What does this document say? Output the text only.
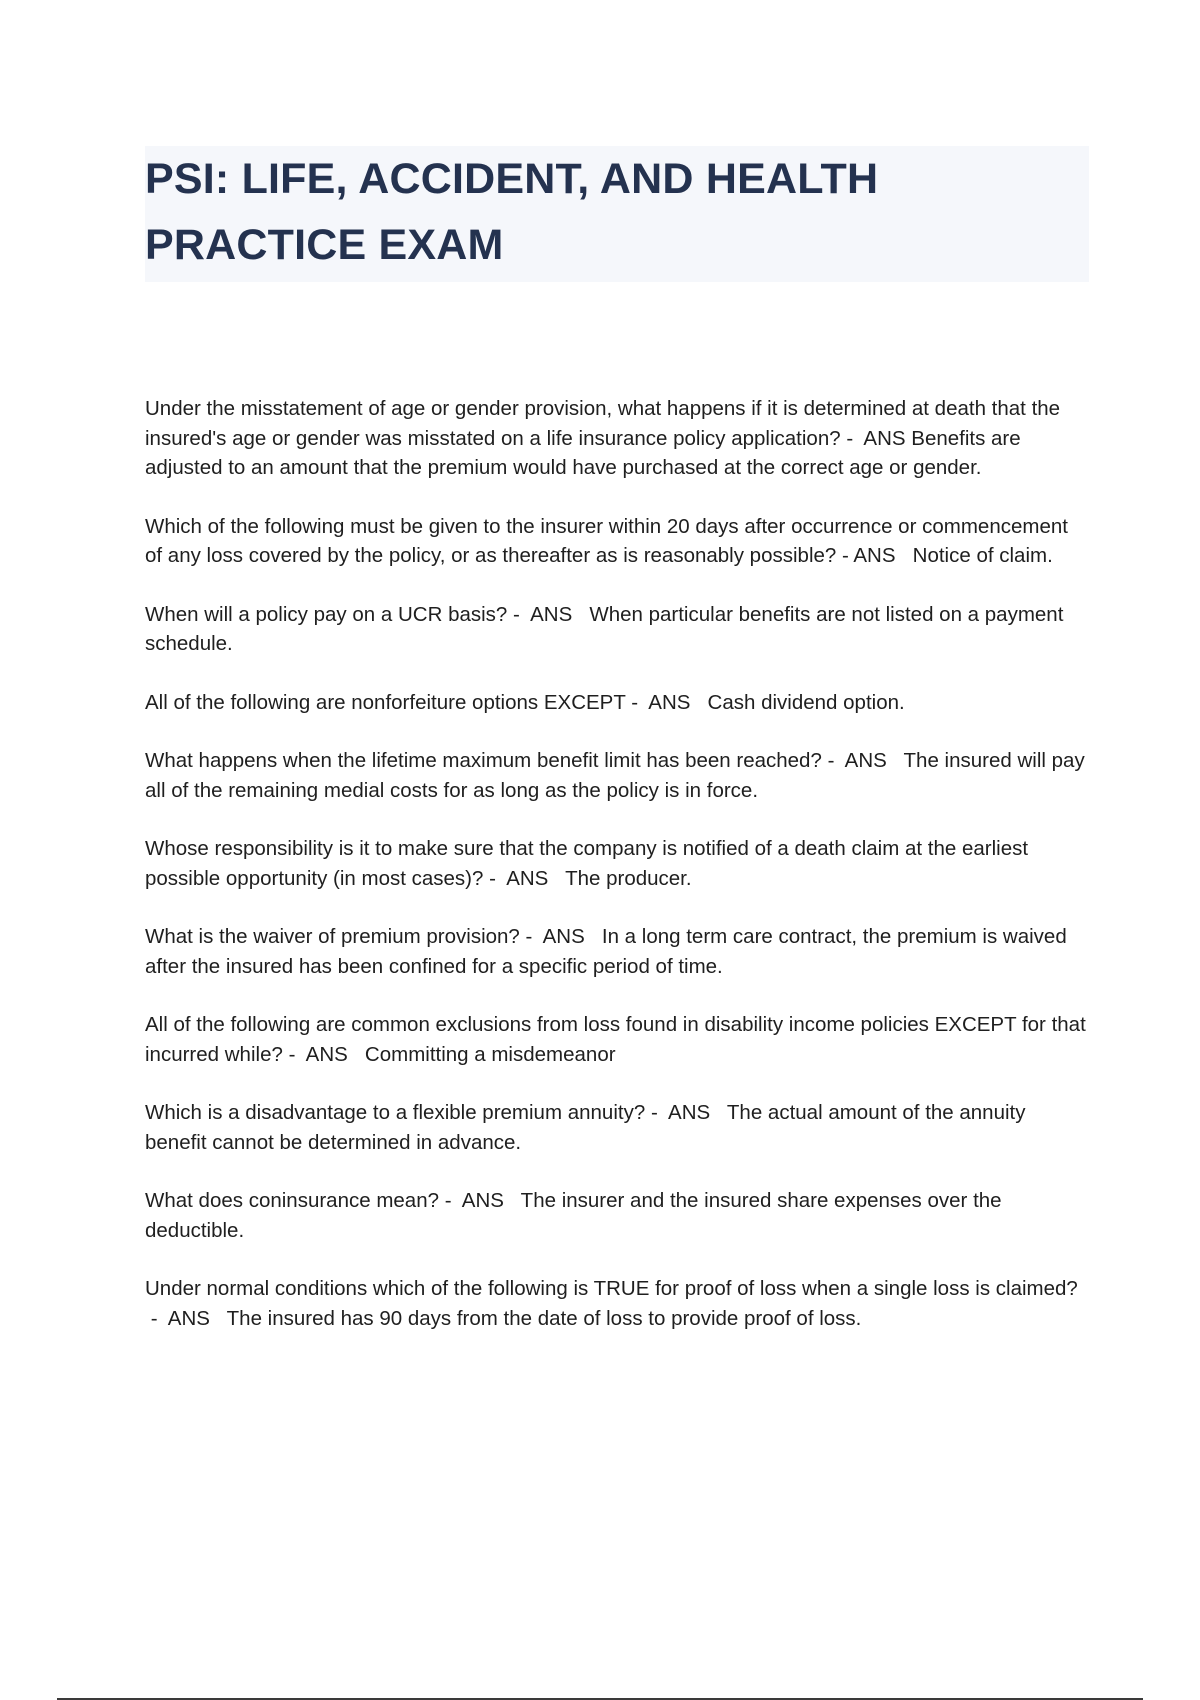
PSI: LIFE, ACCIDENT, AND HEALTH PRACTICE EXAM

Under the misstatement of age or gender provision, what happens if it is determined at death that the insured's age or gender was misstated on a life insurance policy application? -  ANS Benefits are adjusted to an amount that the premium would have purchased at the correct age or gender.

Which of the following must be given to the insurer within 20 days after occurrence or commencement of any loss covered by the policy, or as thereafter as is reasonably possible? - ANS Notice of claim.

When will a policy pay on a UCR basis? -  ANS When particular benefits are not listed on a payment schedule.

All of the following are nonforfeiture options EXCEPT -  ANS Cash dividend option.

What happens when the lifetime maximum benefit limit has been reached? -  ANS The insured will pay all of the remaining medial costs for as long as the policy is in force.

Whose responsibility is it to make sure that the company is notified of a death claim at the earliest possible opportunity (in most cases)? -  ANS The producer.

What is the waiver of premium provision? -  ANS In a long term care contract, the premium is waived after the insured has been confined for a specific period of time.

All of the following are common exclusions from loss found in disability income policies EXCEPT for that incurred while? -  ANS Committing a misdemeanor

Which is a disadvantage to a flexible premium annuity? -  ANS The actual amount of the annuity benefit cannot be determined in advance.

What does coninsurance mean? -  ANS The insurer and the insured share expenses over the deductible.

Under normal conditions which of the following is TRUE for proof of loss when a single loss is claimed? -  ANS The insured has 90 days from the date of loss to provide proof of loss.
